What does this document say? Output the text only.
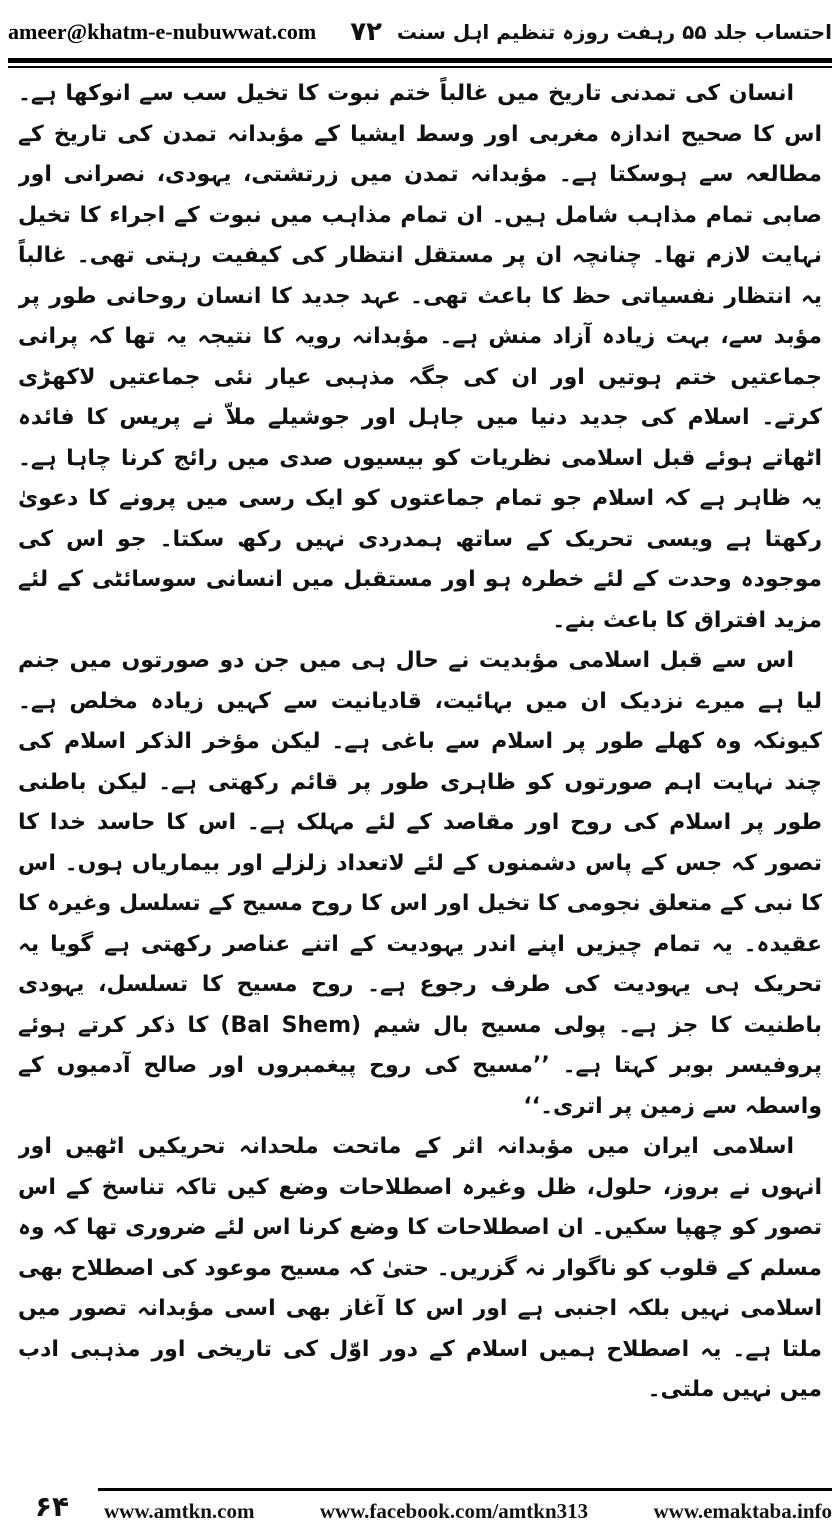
ameer@khatm-e-nubuwwat.com ۷۲ احتساب جلد ۵۵ رہفت روزہ تنظیم اہل سنت

انسان کی تمدنی تاریخ میں غالباً ختم نبوت کا تخیل سب سے انوکھا ہے۔ اس کا صحیح اندازہ مغربی اور وسط ایشیا کے مؤبدانہ تمدن کی تاریخ کے مطالعہ سے ہوسکتا ہے۔ مؤبدانہ تمدن میں زرتشتی، یہودی، نصرانی اور صابی تمام مذاہب شامل ہیں۔ ان تمام مذاہب میں نبوت کے اجراء کا تخیل نہایت لازم تھا۔ چنانچہ ان پر مستقل انتظار کی کیفیت رہتی تھی۔ غالباً یہ انتظار نفسیاتی حظ کا باعث تھی۔ عہد جدید کا انسان روحانی طور پر مؤبد سے، بہت زیادہ آزاد منش ہے۔ مؤبدانہ رویہ کا نتیجہ یہ تھا کہ پرانی جماعتیں ختم ہوتیں اور ان کی جگہ مذہبی عیار نئی جماعتیں لاکھڑی کرتے۔ اسلام کی جدید دنیا میں جاہل اور جوشیلے ملاّ نے پریس کا فائدہ اٹھاتے ہوئے قبل اسلامی نظریات کو بیسیوں صدی میں رائج کرنا چاہا ہے۔ یہ ظاہر ہے کہ اسلام جو تمام جماعتوں کو ایک رسی میں پرونے کا دعویٰ رکھتا ہے ویسی تحریک کے ساتھ ہمدردی نہیں رکھ سکتا۔ جو اس کی موجودہ وحدت کے لئے خطرہ ہو اور مستقبل میں انسانی سوسائٹی کے لئے مزید افتراق کا باعث بنے۔

اس سے قبل اسلامی مؤبدیت نے حال ہی میں جن دو صورتوں میں جنم لیا ہے میرے نزدیک ان میں بہائیت، قادیانیت سے کہیں زیادہ مخلص ہے۔ کیونکہ وہ کھلے طور پر اسلام سے باغی ہے۔ لیکن مؤخر الذکر اسلام کی چند نہایت اہم صورتوں کو ظاہری طور پر قائم رکھتی ہے۔ لیکن باطنی طور پر اسلام کی روح اور مقاصد کے لئے مہلک ہے۔ اس کا حاسد خدا کا تصور کہ جس کے پاس دشمنوں کے لئے لاتعداد زلزلے اور بیماریاں ہوں۔ اس کا نبی کے متعلق نجومی کا تخیل اور اس کا روح مسیح کے تسلسل وغیرہ کا عقیدہ۔ یہ تمام چیزیں اپنے اندر یہودیت کے اتنے عناصر رکھتی ہے گویا یہ تحریک ہی یہودیت کی طرف رجوع ہے۔ روح مسیح کا تسلسل، یہودی باطنیت کا جز ہے۔ پولی مسیح بال شیم (Bal Shem) کا ذکر کرتے ہوئے پروفیسر بوبر کہتا ہے۔ ’’مسیح کی روح پیغمبروں اور صالح آدمیوں کے واسطہ سے زمین پر اتری۔‘‘

اسلامی ایران میں مؤبدانہ اثر کے ماتحت ملحدانہ تحریکیں اٹھیں اور انہوں نے بروز، حلول، ظل وغیرہ اصطلاحات وضع کیں تاکہ تناسخ کے اس تصور کو چھپا سکیں۔ ان اصطلاحات کا وضع کرنا اس لئے ضروری تھا کہ وہ مسلم کے قلوب کو ناگوار نہ گزریں۔ حتیٰ کہ مسیح موعود کی اصطلاح بھی اسلامی نہیں بلکہ اجنبی ہے اور اس کا آغاز بھی اسی مؤبدانہ تصور میں ملتا ہے۔ یہ اصطلاح ہمیں اسلام کے دور اوّل کی تاریخی اور مذہبی ادب میں نہیں ملتی۔

۶۴	www.amtkn.com	www.facebook.com/amtkn313	www.emaktaba.info
